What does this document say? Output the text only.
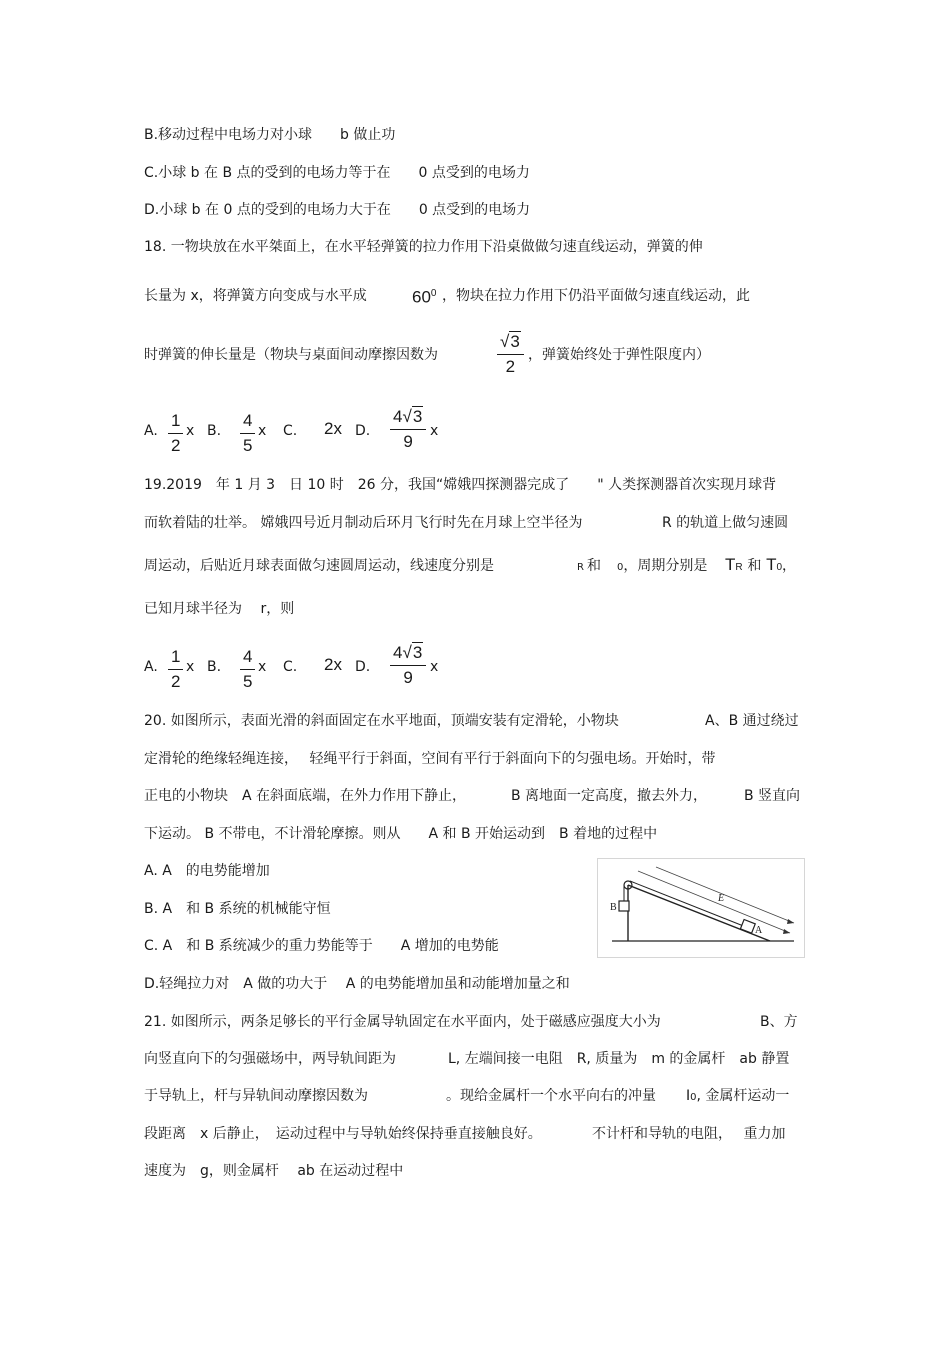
B.移动过程中电场力对小球　　b 做止功
C.小球 b 在 B 点的受到的电场力等于在　　0 点受到的电场力
D.小球 b 在 0 点的受到的电场力大于在　　0 点受到的电场力
18. 一物块放在水平桀面上，在水平轻弹簧的拉力作用下沿桌做做匀速直线运动，弹簧的伸
长量为 x，将弹簧方向变成与水平成	$60^0$ ，物块在拉力作用下仍沿平面做匀速直线运动，此
时弹簧的伸长量是（物块与桌面间动摩擦因数为	$\frac{√3}{2}$ ，弹簧始终处于弹性限度内）
A. $\frac{1}{2}$ x B. $\frac{4}{5}$ x C. 2x D. $\frac{4√3}{9}$ x
19.2019　年 1 月 3　日 10 时　26 分，我国“嫦娥四探测器完成了　　" 人类探测器首次实现月球背
而软着陆的壮举。 嫦娥四号近月制动后环月飞行时先在月球上空半径为	R 的轨道上做匀速圆
周运动，后贴近月球表面做匀速圆周运动，线速度分别是	R 和 0，周期分别是 TR 和 T0，
已知月球半径为　 r，则
A. $\frac{1}{2}$ x B. $\frac{4}{5}$ x C. 2x D. $\frac{4√3}{9}$ x
20. 如图所示，表面光滑的斜面固定在水平地面，顶端安装有定滑轮，小物块	A、B 通过绕过
定滑轮的绝缘轻绳连接，　 轻绳平行于斜面，空间有平行于斜面向下的匀强电场。开始时，带
正电的小物块　A 在斜面底端，在外力作用下静止，	B 离地面一定高度，撤去外力，	B 竖直向
下运动。 B 不带电，不计滑轮摩擦。则从　　A 和 B 开始运动到　B 着地的过程中
A. A　的电势能增加
B. A　和 B 系统的机械能守恒
C. A　和 B 系统减少的重力势能等于　　A 增加的电势能
D.轻绳拉力对　A 做的功大于　 A 的电势能增加虽和动能增加量之和
B
E
A
21. 如图所示，两条足够长的平行金属导轨固定在水平面内，处于磁感应强度大小为	B、方
向竖直向下的匀强磁场中，两导轨间距为	L, 左端间接一电阻　R, 质量为　m 的金属杆　ab 静置
于导轨上，杆与异轨间动摩擦因数为	。现给金属杆一个水平向右的冲量 I0, 金属杆运动一
段距离　x 后静止，　运动过程中与导轨始终保持垂直接触良好。	不计杆和导轨的电阻，　 重力加
速度为　g，则金属杆　 ab 在运动过程中
